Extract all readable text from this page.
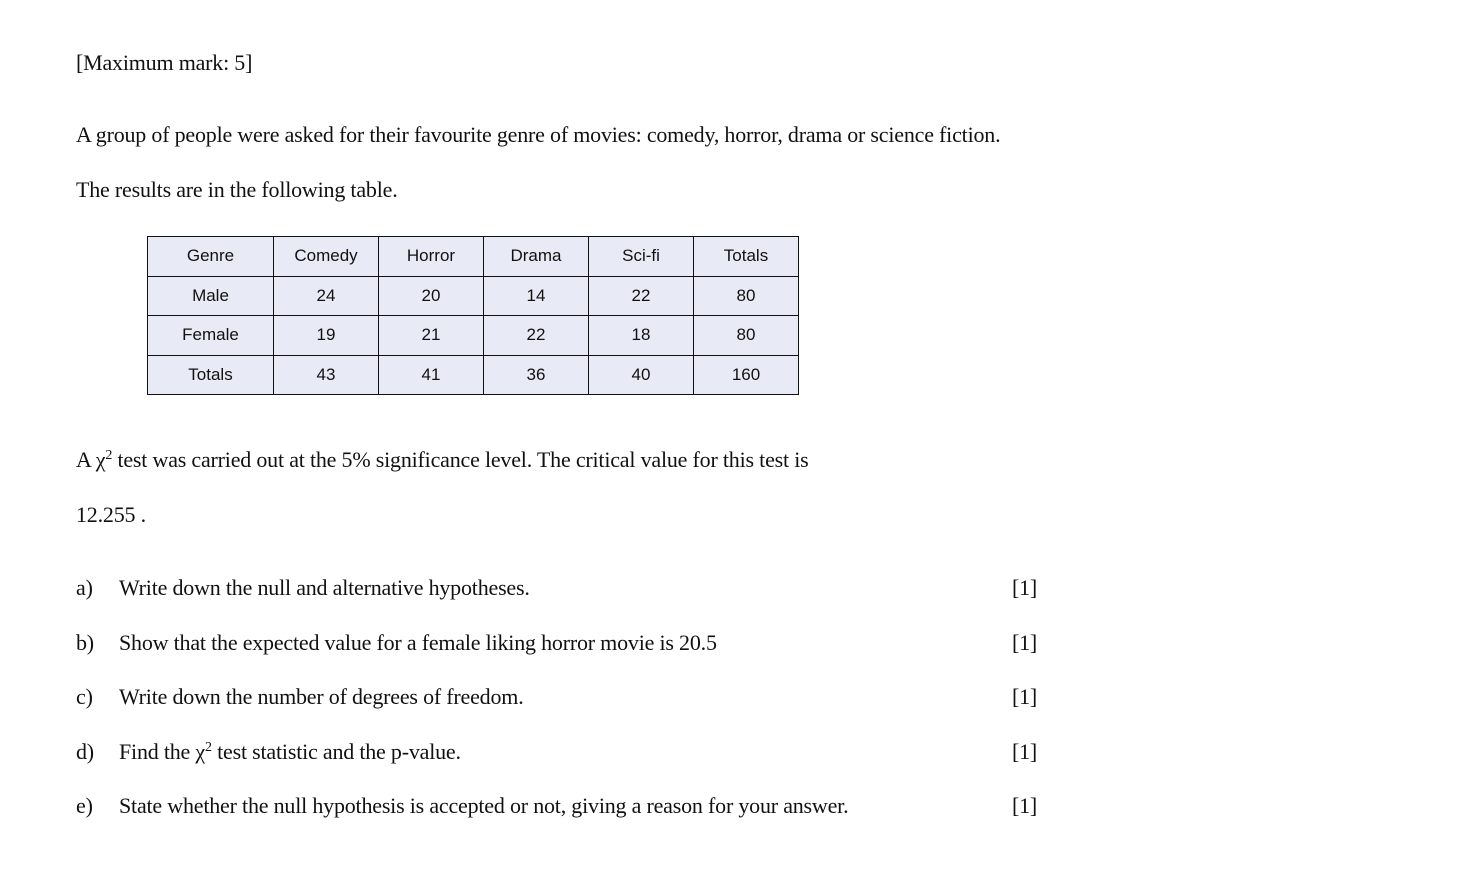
[Maximum mark: 5]
A group of people were asked for their favourite genre of movies: comedy, horror, drama or science fiction.
The results are in the following table.
Genre	Comedy	Horror	Drama	Sci-fi	Totals
Male	24	20	14	22	80
Female	19	21	22	18	80
Totals	43	41	36	40	160
A $\chi^2$ test was carried out at the 5% significance level. The critical value for this test is
12.255 .
a) Write down the null and alternative hypotheses.	[1]
b) Show that the expected value for a female liking horror movie is 20.5	[1]
c) Write down the number of degrees of freedom.	[1]
d) Find the $\chi^2$ test statistic and the p-value.	[1]
e) State whether the null hypothesis is accepted or not, giving a reason for your answer.	[1]
